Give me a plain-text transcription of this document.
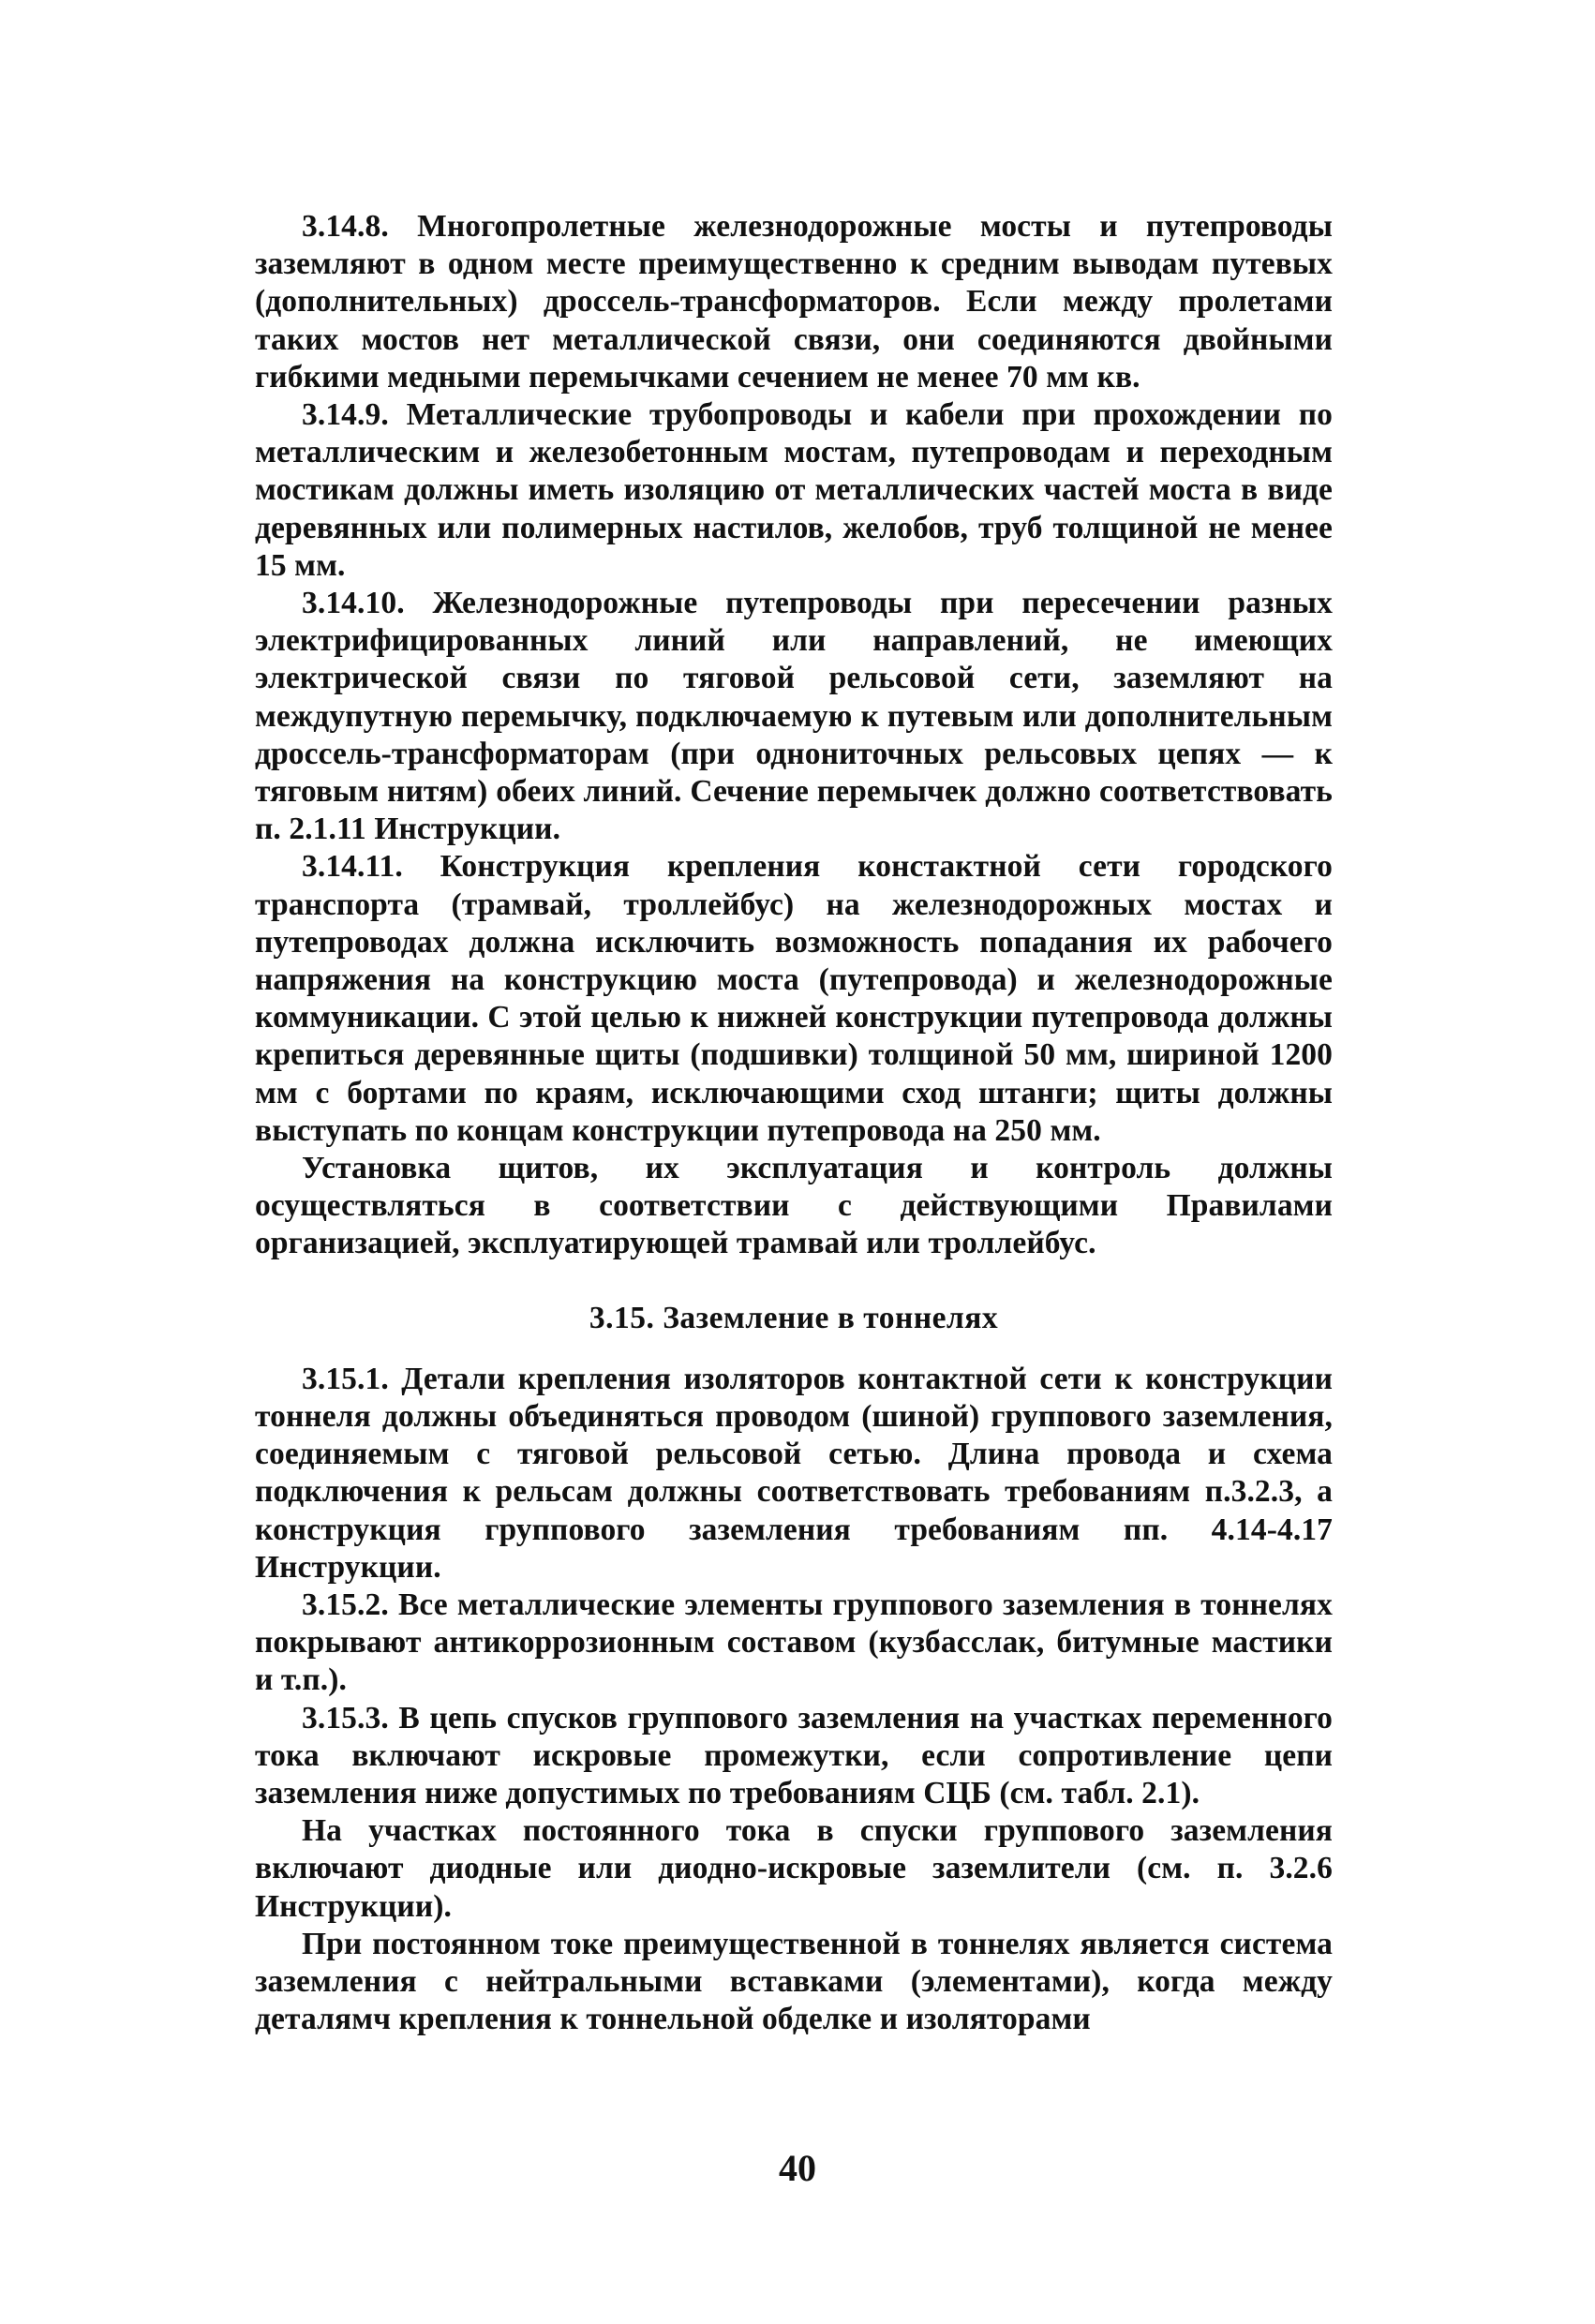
3.14.8. Многопролетные железнодорожные мосты и путепроводы заземляют в одном месте преимущественно к средним выводам путевых (дополнительных) дроссель-трансформаторов. Если между пролетами таких мостов нет металлической связи, они соединяются двойными гибкими медными перемычками сечением не менее 70 мм кв.

3.14.9. Металлические трубопроводы и кабели при прохождении по металлическим и железобетонным мостам, путепроводам и переходным мостикам должны иметь изоляцию от металлических частей моста в виде деревянных или полимерных настилов, желобов, труб толщиной не менее 15 мм.

3.14.10. Железнодорожные путепроводы при пересечении разных электрифицированных линий или направлений, не имеющих электрической связи по тяговой рельсовой сети, заземляют на междупутную перемычку, подключаемую к путевым или дополнительным дроссель-трансформаторам (при однониточных рельсовых цепях — к тяговым нитям) обеих линий. Сечение перемычек должно соответствовать п. 2.1.11 Инструкции.

3.14.11. Конструкция крепления констактной сети городского транспорта (трамвай, троллейбус) на железнодорожных мостах и путепроводах должна исключить возможность попадания их рабочего напряжения на конструкцию моста (путепровода) и железнодорожные коммуникации. С этой целью к нижней конструкции путепровода должны крепиться деревянные щиты (подшивки) толщиной 50 мм, шириной 1200 мм с бортами по краям, исключающими сход штанги; щиты должны выступать по концам конструкции путепровода на 250 мм.

Установка щитов, их эксплуатация и контроль должны осуществляться в соответствии с действующими Правилами организацией, эксплуатирующей трамвай или троллейбус.

3.15. Заземление в тоннелях

3.15.1. Детали крепления изоляторов контактной сети к конструкции тоннеля должны объединяться проводом (шиной) группового заземления, соединяемым с тяговой рельсовой сетью. Длина провода и схема подключения к рельсам должны соответствовать требованиям п.3.2.3, а конструкция группового заземления требованиям пп. 4.14-4.17 Инструкции.

3.15.2. Все металлические элементы группового заземления в тоннелях покрывают антикоррозионным составом (кузбасслак, битумные мастики и т.п.).

3.15.3. В цепь спусков группового заземления на участках переменного тока включают искровые промежутки, если сопротивление цепи заземления ниже допустимых по требованиям СЦБ (см. табл. 2.1).

На участках постоянного тока в спуски группового заземления включают диодные или диодно-искровые заземлители (см. п. 3.2.6 Инструкции).

При постоянном токе преимущественной в тоннелях является система заземления с нейтральными вставками (элементами), когда между деталямч крепления к тоннельной обделке и изоляторами

40
